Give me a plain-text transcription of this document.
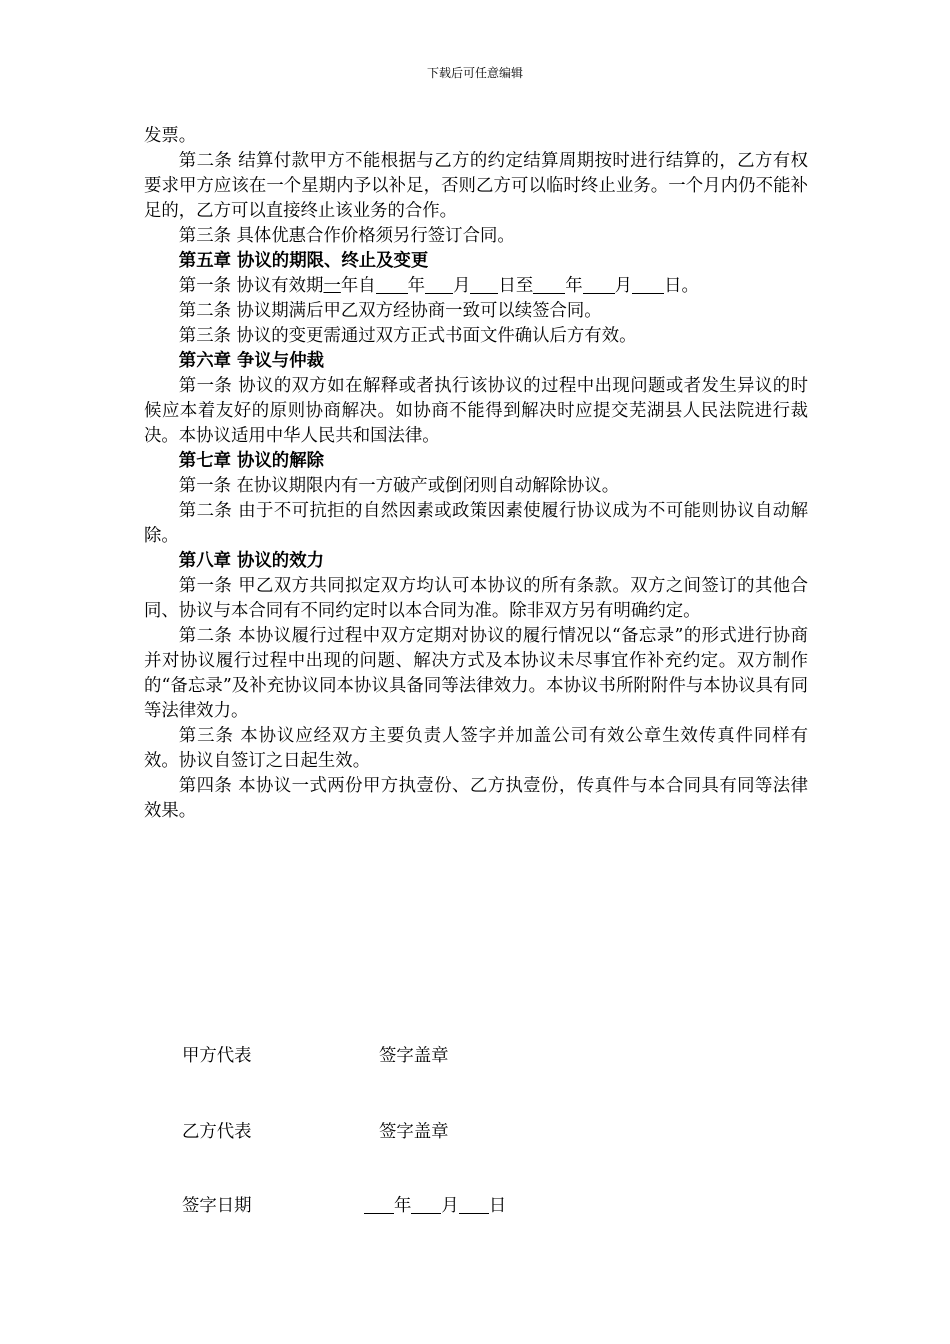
下载后可任意编辑

发票。

第二条 结算付款甲方不能根据与乙方的约定结算周期按时进行结算的，乙方有权要求甲方应该在一个星期内予以补足，否则乙方可以临时终止业务。一个月内仍不能补足的，乙方可以直接终止该业务的合作。

第三条 具体优惠合作价格须另行签订合同。

第五章 协议的期限、终止及变更

第一条 协议有效期一年自 年 月 日至 年 月 日。

第二条 协议期满后甲乙双方经协商一致可以续签合同。

第三条 协议的变更需通过双方正式书面文件确认后方有效。

第六章 争议与仲裁

第一条 协议的双方如在解释或者执行该协议的过程中出现问题或者发生异议的时候应本着友好的原则协商解决。如协商不能得到解决时应提交芜湖县人民法院进行裁决。本协议适用中华人民共和国法律。

第七章 协议的解除

第一条 在协议期限内有一方破产或倒闭则自动解除协议。

第二条 由于不可抗拒的自然因素或政策因素使履行协议成为不可能则协议自动解除。

第八章 协议的效力

第一条 甲乙双方共同拟定双方均认可本协议的所有条款。双方之间签订的其他合同、协议与本合同有不同约定时以本合同为准。除非双方另有明确约定。

第二条 本协议履行过程中双方定期对协议的履行情况以“备忘录”的形式进行协商并对协议履行过程中出现的问题、解决方式及本协议未尽事宜作补充约定。双方制作的“备忘录”及补充协议同本协议具备同等法律效力。本协议书所附附件与本协议具有同等法律效力。

第三条 本协议应经双方主要负责人签字并加盖公司有效公章生效传真件同样有效。协议自签订之日起生效。

第四条 本协议一式两份甲方执壹份、乙方执壹份，传真件与本合同具有同等法律效果。

甲方代表	签字盖章
乙方代表	签字盖章
签字日期	年 月 日
